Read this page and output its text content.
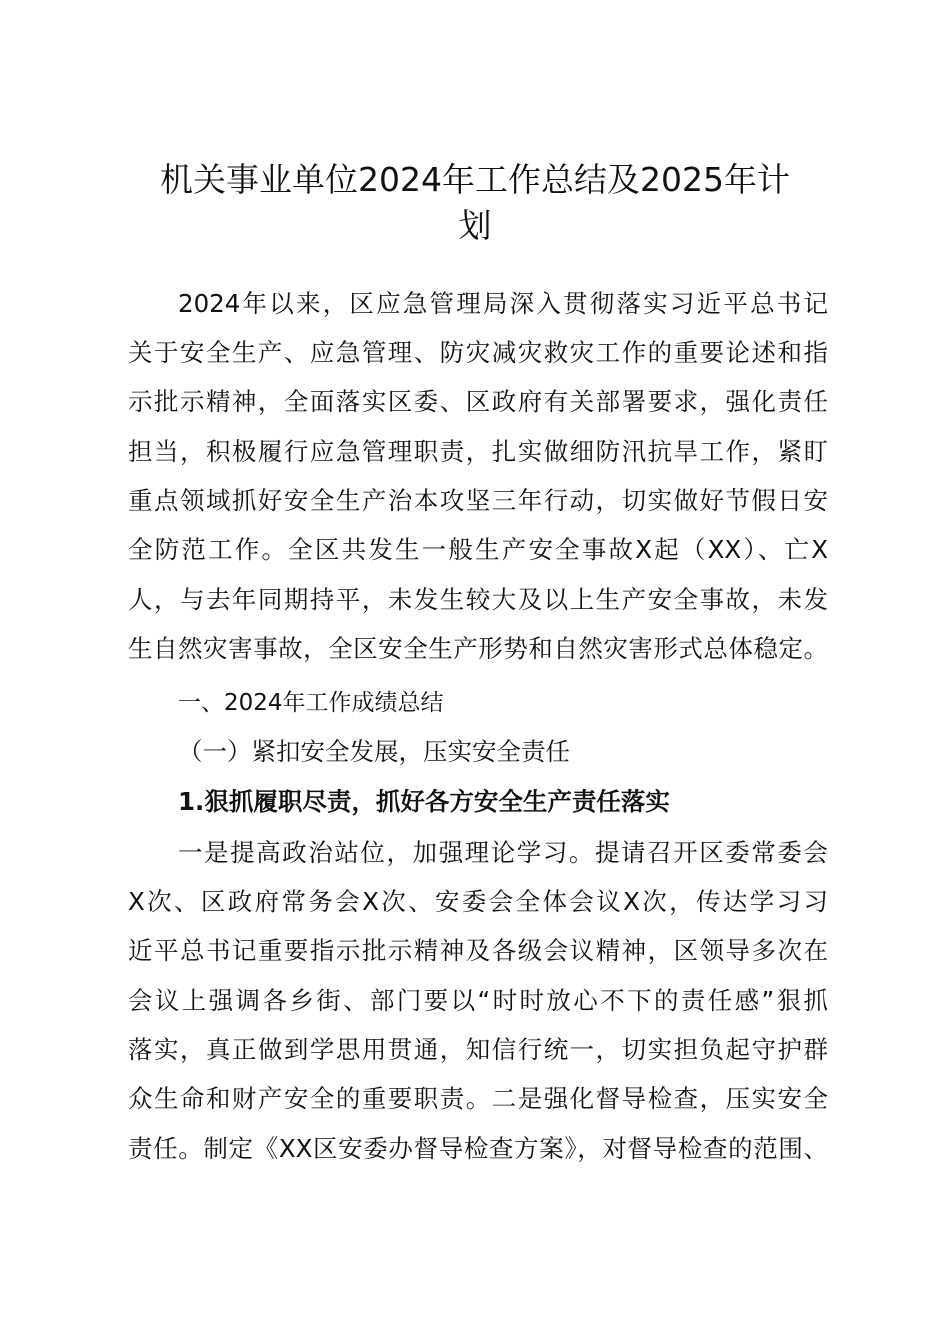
机关事业单位2024年工作总结及2025年计
划

2024年以来，区应急管理局深入贯彻落实习近平总书记

关于安全生产、应急管理、防灾减灾救灾工作的重要论述和指

示批示精神，全面落实区委、区政府有关部署要求，强化责任

担当，积极履行应急管理职责，扎实做细防汛抗旱工作，紧盯

重点领域抓好安全生产治本攻坚三年行动，切实做好节假日安

全防范工作。全区共发生一般生产安全事故X起（XX）、亡X

人，与去年同期持平，未发生较大及以上生产安全事故，未发

生自然灾害事故，全区安全生产形势和自然灾害形式总体稳定。

一、2024年工作成绩总结

（一）紧扣安全发展，压实安全责任

1.狠抓履职尽责，抓好各方安全生产责任落实

一是提高政治站位，加强理论学习。提请召开区委常委会

X次、区政府常务会X次、安委会全体会议X次，传达学习习

近平总书记重要指示批示精神及各级会议精神，区领导多次在

会议上强调各乡街、部门要以“时时放心不下的责任感”狠抓

落实，真正做到学思用贯通，知信行统一，切实担负起守护群

众生命和财产安全的重要职责。二是强化督导检查，压实安全

责任。制定《XX区安委办督导检查方案》，对督导检查的范围、
